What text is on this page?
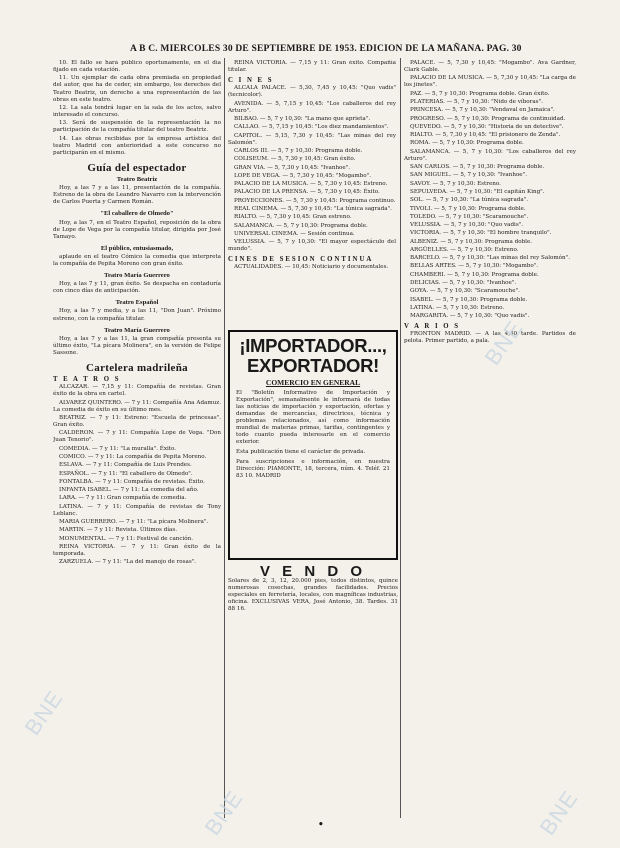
A B C. MIERCOLES 30 DE SEPTIEMBRE DE 1953. EDICION DE LA MAÑANA. PAG. 30

10. El fallo se hará público oportunamente, en el día fijado en cada votación.

11. Un ejemplar de cada obra premiada en propiedad del autor, que ha de ceder, sin embargo, los derechos del Teatro Beatriz, un derecho a una representación de las obras en este teatro.

12. La sala tendrá lugar en la sala de los actos, salvo interesado el concurso.

13. Será de suspensión de la representación la no participación de la compañía titular del teatro Beatriz.

14. Las obras recibidas por la empresa artística del teatro Madrid con anterioridad a este concurso no participarán en el mismo.

Guía del espectador
Teatro Beatriz

Hoy, a las 7 y a las 11, presentación de la compañía. Estreno de la obra de Leandro Navarro con la intervención de Carlos Puerta y Carmen Román.

"El caballero de Olmedo"

Hoy, a las 7, en el Teatro Español, reposición de la obra de Lope de Vega por la compañía titular, dirigida por José Tamayo.

El público, entusiasmado,

aplaude en el teatro Cómico la comedia que interpreta la compañía de Pepita Moreno con gran éxito.

Teatro María Guerrero

Hoy, a las 7 y 11, gran éxito. Se despacha en contaduría con cinco días de anticipación.

Teatro Español

Hoy, a las 7 y media, y a las 11, "Don Juan". Próximo estreno, con la compañía titular.

Teatro María Guerrero

Hoy, a las 7 y a las 11, la gran compañía presenta su último éxito, "La pícara Molinera", en la versión de Felipe Sassone.

Cartelera madrileña
T E A T R O S

ALCAZAR. — 7,15 y 11: Compañía de revistas. Gran éxito de la obra en cartel.

ALVAREZ QUINTERO. — 7 y 11: Compañía Ana Adamuz. La comedia de éxito en su último mes.

BEATRIZ. — 7 y 11: Estreno: "Escuela de princesas". Gran éxito.

CALDERON. — 7 y 11: Compañía Lope de Vega. "Don Juan Tenorio".

COMEDIA. — 7 y 11: "La muralla". Éxito.

COMICO. — 7 y 11: La compañía de Pepita Moreno.

ESLAVA. — 7 y 11: Compañía de Luis Prendes.

ESPAÑOL. — 7 y 11: "El caballero de Olmedo".

FONTALBA. — 7 y 11: Compañía de revistas. Éxito.

INFANTA ISABEL. — 7 y 11: La comedia del año.

LARA. — 7 y 11: Gran compañía de comedia.

LATINA. — 7 y 11: Compañía de revistas de Tony Leblanc.

MARIA GUERRERO. — 7 y 11: "La pícara Molinera".

MARTIN. — 7 y 11: Revista. Últimos días.

MONUMENTAL. — 7 y 11: Festival de canción.

REINA VICTORIA. — 7 y 11: Gran éxito de la temporada.

ZARZUELA. — 7 y 11: "La del manojo de rosas".

REINA VICTORIA. — 7,15 y 11: Gran éxito. Compañía titular.

C I N E S

ALCALA PALACE. — 5,30, 7,45 y 10,45: "Quo vadis" (tecnicolor).

AVENIDA. — 5, 7,15 y 10,45: "Los caballeros del rey Arturo".

BILBAO. — 5, 7 y 10,30: "La mano que aprieta".

CALLAO. — 5, 7,15 y 10,45: "Los diez mandamientos".

CAPITOL. — 5,15, 7,30 y 10,45: "Las minas del rey Salomón".

CARLOS III. — 5, 7 y 10,30: Programa doble.

COLISEUM. — 5, 7,30 y 10,45: Gran éxito.

GRAN VIA. — 5, 7,30 y 10,45: "Ivanhoe".

LOPE DE VEGA. — 5, 7,30 y 10,45: "Mogambo".

PALACIO DE LA MUSICA. — 5, 7,30 y 10,45: Estreno.

PALACIO DE LA PRENSA. — 5, 7,30 y 10,45: Éxito.

PROYECCIONES. — 5, 7,30 y 10,45: Programa continuo.

REAL CINEMA. — 5, 7,30 y 10,45: "La túnica sagrada".

RIALTO. — 5, 7,30 y 10,45: Gran estreno.

SALAMANCA. — 5, 7 y 10,30: Programa doble.

UNIVERSAL CINEMA. — Sesión continua.

VELUSSIA. — 5, 7 y 10,30: "El mayor espectáculo del mundo".

CINES DE SESION CONTINUA

ACTUALIDADES. — 10,45: Noticiario y documentales.

¡IMPORTADOR...,
EXPORTADOR!
COMERCIO EN GENERAL

El "Boletín Informativo de Importación y Exportación", semanalmente le informará de todas las noticias de importación y exportación, ofertas y demandas de mercancías, directrices, técnica y problemas relacionados, así como información mundial de materias primas, tarifas, contingentes y todo cuanto pueda interesarle en el comercio exterior.

Esta publicación tiene el carácter de privada.

Para suscripciones e información, en nuestra Dirección: PIAMONTE, 18, tercera, núm. 4. Teléf. 21 83 10. MADRID

V E N D O
Solares de 2, 3, 12, 20.000 pies, todos distintos, quince numerosas cosechas, grandes facilidades. Precios especiales en ferretería, locales, con magníficas industrias, oficina. EXCLUSIVAS VERA, José Antonio, 38. Tardes. 31 88 16.

PALACE. — 5, 7,30 y 10,45: "Mogambo". Ava Gardner, Clark Gable.

PALACIO DE LA MUSICA. — 5, 7,30 y 10,45: "La carga de los jinetes".

PAZ. — 5, 7 y 10,30: Programa doble. Gran éxito.

PLATERIAS. — 5, 7 y 10,30: "Nido de víboras".

PRINCESA. — 5, 7 y 10,30: "Vendaval en Jamaica".

PROGRESO. — 5, 7 y 10,30: Programa de continuidad.

QUEVEDO. — 5, 7 y 10,30: "Historia de un detective".

RIALTO. — 5, 7,30 y 10,45: "El prisionero de Zenda".

ROMA. — 5, 7 y 10,30: Programa doble.

SALAMANCA. — 5, 7 y 10,30: "Los caballeros del rey Arturo".

SAN CARLOS. — 5, 7 y 10,30: Programa doble.

SAN MIGUEL. — 5, 7 y 10,30: "Ivanhoe".

SAVOY. — 5, 7 y 10,30: Estreno.

SEPULVEDA. — 5, 7 y 10,30: "El capitán King".

SOL. — 5, 7 y 10,30: "La túnica sagrada".

TIVOLI. — 5, 7 y 10,30: Programa doble.

TOLEDO. — 5, 7 y 10,30: "Scaramouche".

VELUSSIA. — 5, 7 y 10,30: "Quo vadis".

VICTORIA. — 5, 7 y 10,30: "El hombre tranquilo".

ALBENIZ. — 5, 7 y 10,30: Programa doble.

ARGÜELLES. — 5, 7 y 10,30: Estreno.

BARCELO. — 5, 7 y 10,30: "Las minas del rey Salomón".

BELLAS ARTES. — 5, 7 y 10,30: "Mogambo".

CHAMBERI. — 5, 7 y 10,30: Programa doble.

DELICIAS. — 5, 7 y 10,30: "Ivanhoe".

GOYA. — 5, 7 y 10,30: "Scaramouche".

ISABEL. — 5, 7 y 10,30: Programa doble.

LATINA. — 5, 7 y 10,30: Estreno.

MARGARITA. — 5, 7 y 10,30: "Quo vadis".

V A R I O S

FRONTON MADRID. — A las 4,30 tarde. Partidos de pelota. Primer partido, a pala.

BNE
BNE
BNE
BNE
•
